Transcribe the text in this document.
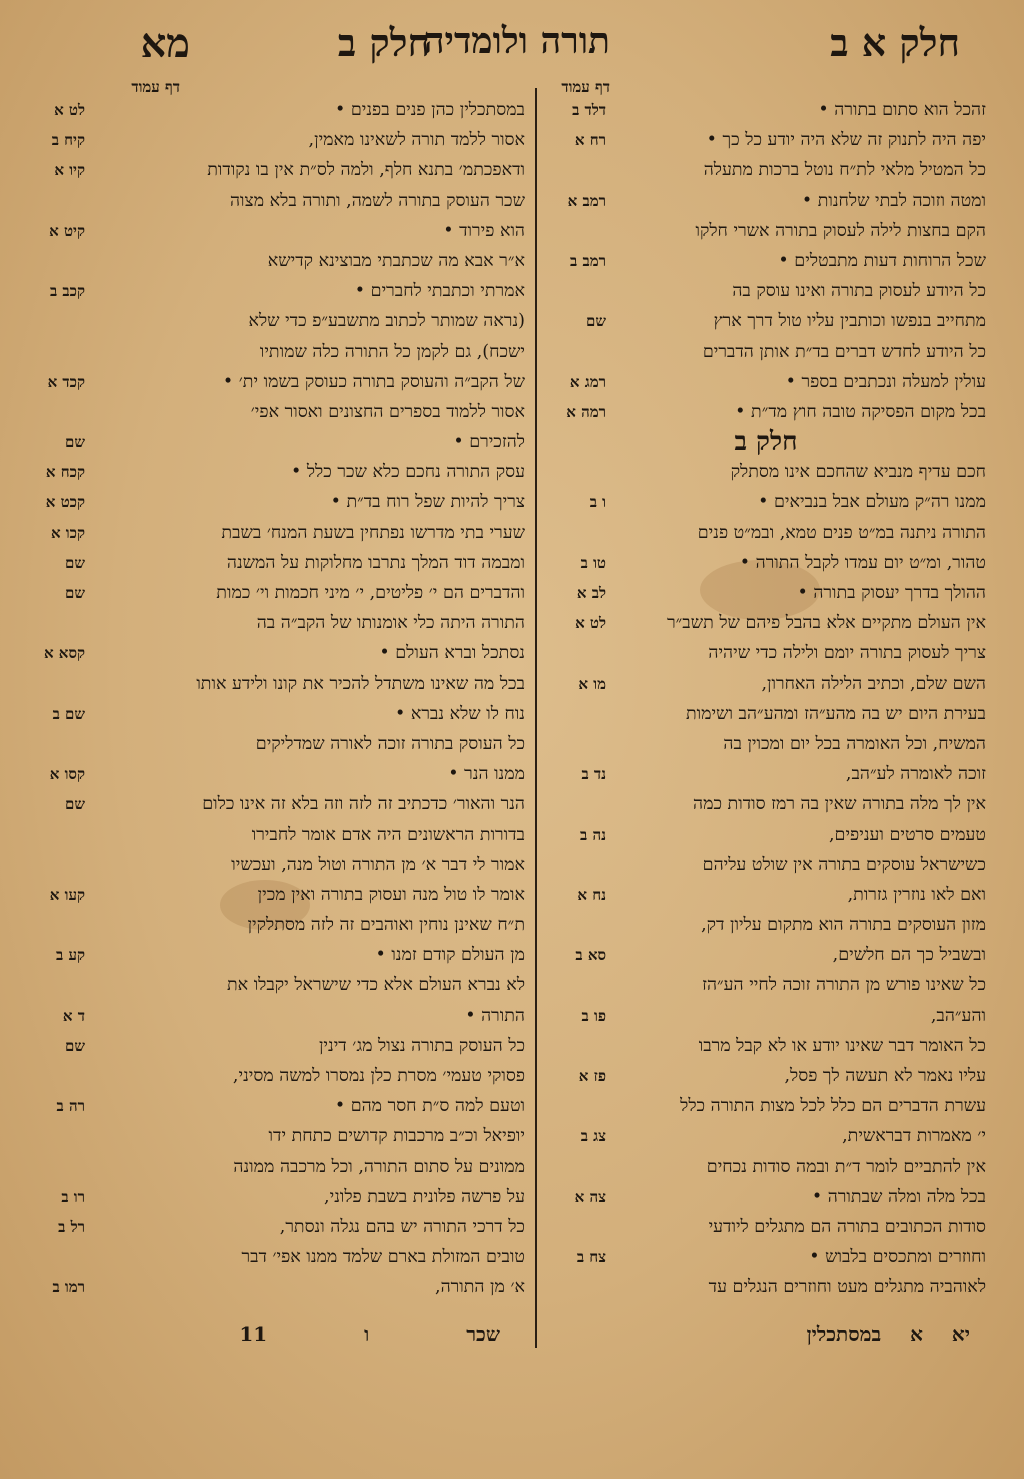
חלק א ב
תורה ולומדיה
חלק ב
מא
דף עמוד
דף עמוד
זהכל הוא סתום בתורה •
דלד ב
יפה היה לתנוק זה שלא היה יודע כל כך •
רח א
כל המטיל מלאי לת״ח נוטל ברכות מתעלה
ומטה וזוכה לבתי שלחנות •
רמב א
הקם בחצות לילה לעסוק בתורה אשרי חלקו
שכל הרוחות דעות מתבטלים •
רמב ב
כל היודע לעסוק בתורה ואינו עוסק בה
מתחייב בנפשו וכותבין עליו טול דרך ארץ
שם
כל היודע לחדש דברים בד״ת אותן הדברים
עולין למעלה ונכתבים בספר •
רמג א
בכל מקום הפסיקה טובה חוץ מד״ת •
רמה א
חלק ב
חכם עדיף מנביא שהחכם אינו מסתלק
ממנו רה״ק מעולם אבל בנביאים •
ו ב
התורה ניתנה במ״ט פנים טמא, ובמ״ט פנים
טהור, ומ״ט יום עמדו לקבל התורה •
טו ב
ההולך בדרך יעסוק בתורה •
לב א
אין העולם מתקיים אלא בהבל פיהם של תשב״ר
לט א
צריך לעסוק בתורה יומם ולילה כדי שיהיה
השם שלם, וכתיב הלילה האחרון,
מו א
בעירת היום יש בה מהע״הז ומהע״הב ושימות
המשיח, וכל האומרה בכל יום ומכוין בה
זוכה לאומרה לע״הב,
נד ב
אין לך מלה בתורה שאין בה רמז סודות כמה
טעמים סרטים ועניפים,
נה ב
כשישראל עוסקים בתורה אין שולט עליהם
ואם לאו נוזרין גזרות,
נח א
מזון העוסקים בתורה הוא מתקום עליון דק,
ובשביל כך הם חלשים,
סא ב
כל שאינו פורש מן התורה זוכה לחיי הע״הז
והע״הב,
פו ב
כל האומר דבר שאינו יודע או לא קבל מרבו
עליו נאמר לא תעשה לך פסל,
פז א
עשרת הדברים הם כלל לכל מצות התורה כלל
י׳ מאמרות דבראשית,
צג ב
אין להתביים לומר ד״ת ובמה סודות נכחים
בכל מלה ומלה שבתורה •
צה א
סודות הכתובים בתורה הם מתגלים ליודעי
וחוזרים ומתכסים בלבוש •
צח ב
לאוהביה מתגלים מעט וחוזרים הנגלים עד
במסתכלין כהן פנים בפנים •
לט א
אסור ללמד תורה לשאינו מאמין,
קיח ב
ודאפכתמ׳ בתנא חלף, ולמה לס״ת אין בו נקודות
קיו א
שכר העוסק בתורה לשמה, ותורה בלא מצוה
הוא פירוד •
קיט א
א״ר אבא מה שכתבתי מבוצינא קדישא
אמרתי וכתבתי לחברים •
קכב ב
(נראה שמותר לכתוב מתשבע״פ כדי שלא
ישכח), גם לקמן כל התורה כלה שמותיו
של הקב״ה והעוסק בתורה כעוסק בשמו ית׳ •
קכד א
אסור ללמוד בספרים החצונים ואסור אפי׳
להזכירם •
שם
עסק התורה נחכם כלא שכר כלל •
קכח א
צריך להיות שפל רוח בד״ת •
קכט א
שערי בתי מדרשו נפתחין בשעת המנח׳ בשבת
קכו א
ומבמה דוד המלך נתרבו מחלוקות על המשנה
שם
והדברים הם י׳ פליטים, י׳ מיני חכמות וי׳ כמות
שם
התורה היתה כלי אומנותו של הקב״ה בה
נסתכל וברא העולם •
קסא א
בכל מה שאינו משתדל להכיר את קונו ולידע אותו
נוח לו שלא נברא •
שם ב
כל העוסק בתורה זוכה לאורה שמדליקים
ממנו הנר •
קסו א
הנר והאור׳ כדכתיב זה לזה וזה בלא זה אינו כלום
שם
בדורות הראשונים היה אדם אומר לחבירו
אמור לי דבר א׳ מן התורה וטול מנה, ועכשיו
אומר לו טול מנה ועסוק בתורה ואין מכין
קעו א
ת״ח שאינן נוחין ואוהבים זה לזה מסתלקין
מן העולם קודם זמנו •
קע ב
לא נברא העולם אלא כדי שישראל יקבלו את
התורה •
ד א
כל העוסק בתורה נצול מג׳ דינין
שם
פסוקי טעמי׳ מסרת כלן נמסרו למשה מסיני,
וטעם למה ס״ת חסר מהם •
רה ב
יופיאל וכ״ב מרכבות קדושים כתחת ידו
ממונים על סתום התורה, וכל מרכבה ממונה
על פרשה פלונית בשבת פלוני,
רו ב
כל דרכי התורה יש בהם נגלה ונסתר,
רל ב
טובים המזולת בארם שלמד ממנו אפי׳ דבר
א׳ מן התורה,
רמו ב
יא א במסתכלין
שכר ו 11
